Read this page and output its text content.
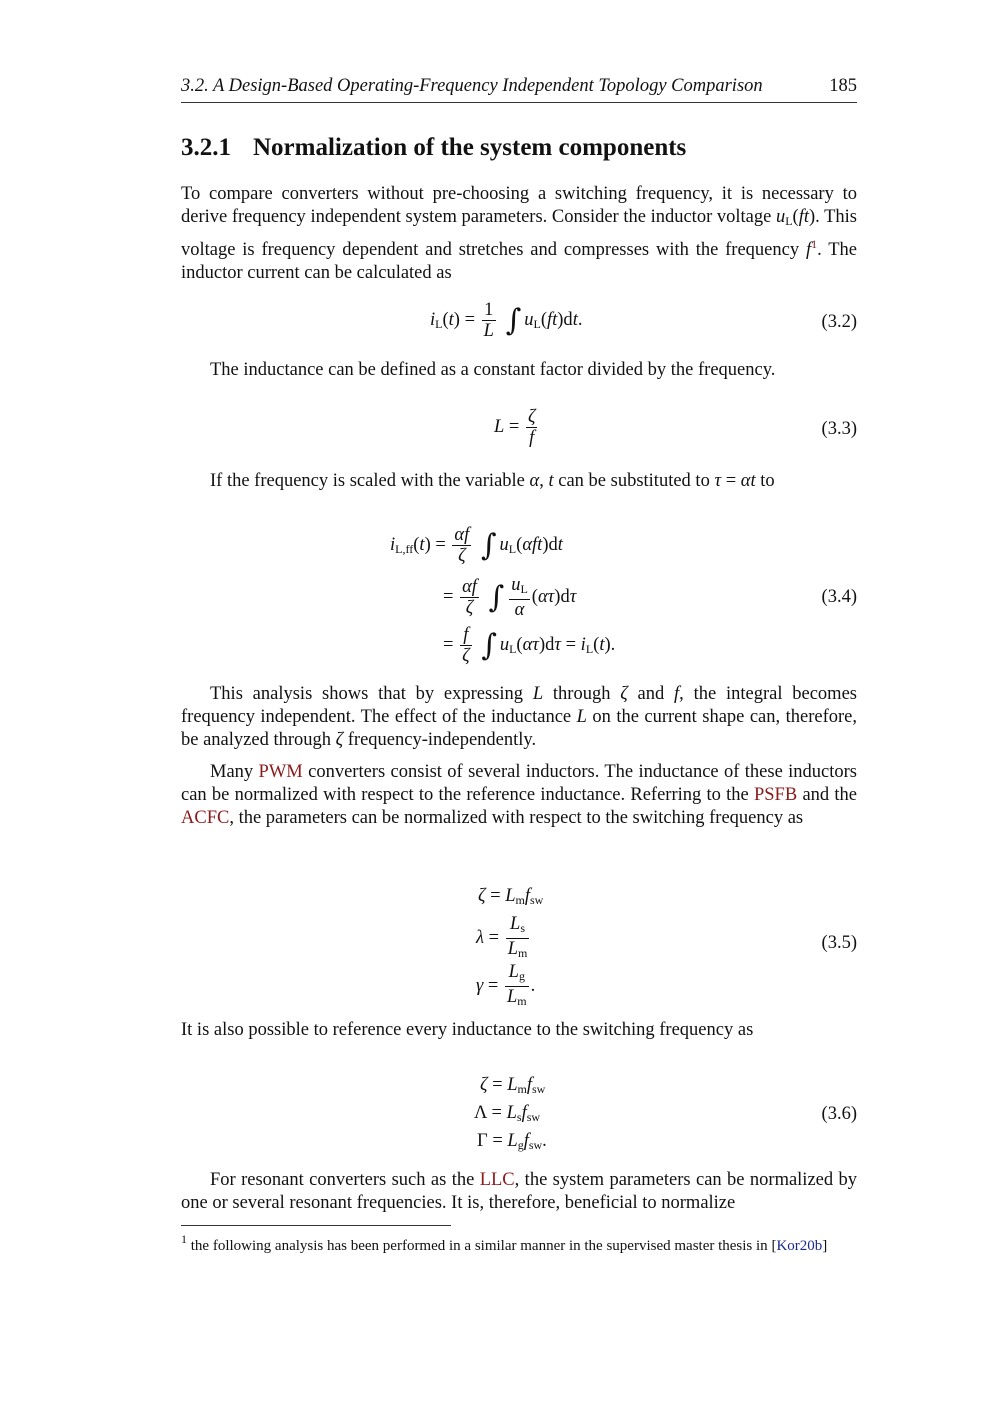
3.2. A Design-Based Operating-Frequency Independent Topology Comparison	185
3.2.1 Normalization of the system components

To compare converters without pre-choosing a switching frequency, it is necessary to derive frequency independent system parameters. Consider the inductor voltage $u_L(ft)$. This voltage is frequency dependent and stretches and compresses with the frequency $f^1$. The inductor current can be calculated as

$i_L(t) = \frac{1}{L}$ ∫ $u_L(ft)dt$.	(3.2)

The inductance can be defined as a constant factor divided by the frequency.

$L = \frac{\zeta}{f}$	(3.3)

If the frequency is scaled with the variable α, t can be substituted to τ = αt to

$i_{L,ff}(t) = \frac{\alpha f}{\zeta}$ ∫ $u_L(\alpha ft)dt$
= $\frac{\alpha f}{\zeta}$ ∫ $\frac{u_L}{\alpha} (\alpha\tau)d\tau$
= $\frac{f}{\zeta}$ ∫ $u_L(\alpha\tau)d\tau = i_L(t)$.
(3.4)

This analysis shows that by expressing L through ζ and f, the integral becomes frequency independent. The effect of the inductance L on the current shape can, therefore, be analyzed through ζ frequency-independently.

Many PWM converters consist of several inductors. The inductance of these inductors can be normalized with respect to the reference inductance. Referring to the PSFB and the ACFC, the parameters can be normalized with respect to the switching frequency as

$\zeta = L_mf_{sw}$
$\lambda = \frac{L_s}{L_m}$
$\gamma = \frac{L_g}{L_m}$ .
(3.5)

It is also possible to reference every inductance to the switching frequency as

$\zeta = L_mf_{sw}$
$\Lambda = L_sf_{sw}$
$\Gamma = L_gf_{sw}$.
(3.6)

For resonant converters such as the LLC, the system parameters can be normalized by one or several resonant frequencies. It is, therefore, beneficial to normalize

$^1$ the following analysis has been performed in a similar manner in the supervised master thesis in [Kor20b]
